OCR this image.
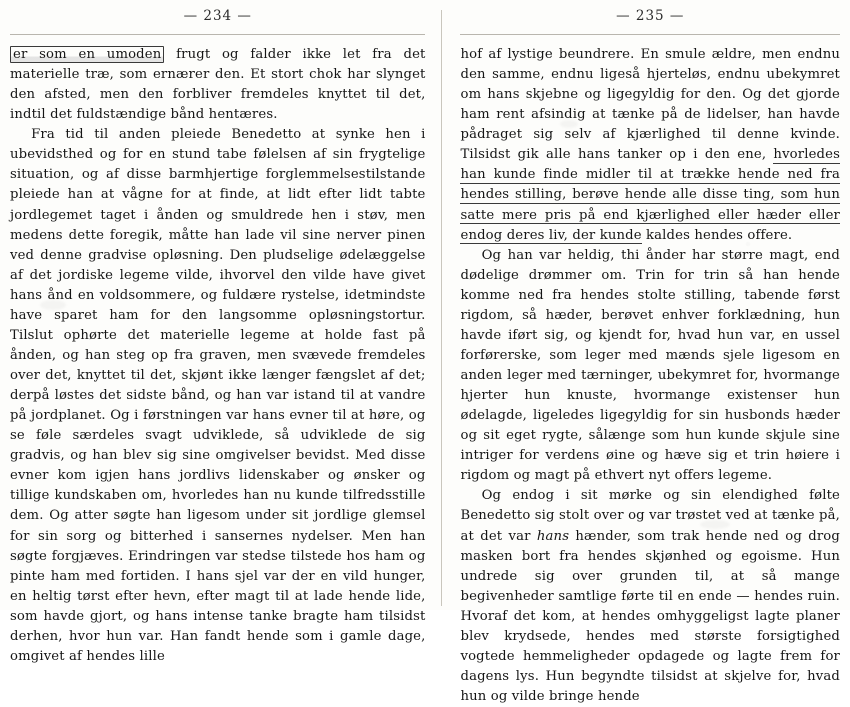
— 234 —

er som en umoden frugt og falder ikke let fra det materielle træ, som ernærer den. Et stort chok har slynget den afsted, men den forbliver fremdeles knyttet til det, indtil det fuldstændige bånd hentæres.

Fra tid til anden pleiede Benedetto at synke hen i ubevidsthed og for en stund tabe følelsen af sin frygtelige situation, og af disse barmhjertige forglemmelsestilstande pleiede han at vågne for at finde, at lidt efter lidt tabte jordlegemet taget i ånden og smuldrede hen i støv, men medens dette foregik, måtte han lade vil sine nerver pinen ved denne gradvise opløsning. Den pludselige ødelæggelse af det jordiske legeme vilde, ihvorvel den vilde have givet hans ånd en voldsommere, og fuldære rystelse, idetmindste have sparet ham for den langsomme opløsningstortur. Tilslut ophørte det materielle legeme at holde fast på ånden, og han steg op fra graven, men svævede fremdeles over det, knyttet til det, skjønt ikke længer fængslet af det; derpå løstes det sidste bånd, og han var istand til at vandre på jordplanet. Og i førstningen var hans evner til at høre, og se føle særdeles svagt udviklede, så udviklede de sig gradvis, og han blev sig sine omgivelser bevidst. Med disse evner kom igjen hans jordlivs lidenskaber og ønsker og tillige kundskaben om, hvorledes han nu kunde tilfredsstille dem. Og atter søgte han ligesom under sit jordlige glemsel for sin sorg og bitterhed i sansernes nydelser. Men han søgte forgjæves. Erindringen var stedse tilstede hos ham og pinte ham med fortiden. I hans sjel var der en vild hunger, en heltig tørst efter hevn, efter magt til at lade hende lide, som havde gjort, og hans intense tanke bragte ham tilsidst derhen, hvor hun var. Han fandt hende som i gamle dage, omgivet af hendes lille

— 235 —

hof af lystige beundrere. En smule ældre, men endnu den samme, endnu ligeså hjerteløs, endnu ubekymret om hans skjebne og ligegyldig for den. Og det gjorde ham rent afsindig at tænke på de lidelser, han havde pådraget sig selv af kjærlighed til denne kvinde. Tilsidst gik alle hans tanker op i den ene, hvorledes han kunde finde midler til at trække hende ned fra hendes stilling, berøve hende alle disse ting, som hun satte mere pris på end kjærlighed eller hæder eller endog deres liv, der kunde kaldes hendes offere.

Og han var heldig, thi ånder har større magt, end dødelige drømmer om. Trin for trin så han hende komme ned fra hendes stolte stilling, tabende først rigdom, så hæder, berøvet enhver forklædning, hun havde iført sig, og kjendt for, hvad hun var, en ussel forførerske, som leger med mænds sjele ligesom en anden leger med tærninger, ubekymret for, hvormange hjerter hun knuste, hvormange existenser hun ødelagde, ligeledes ligegyldig for sin husbonds hæder og sit eget rygte, sålænge som hun kunde skjule sine intriger for verdens øine og hæve sig et trin høiere i rigdom og magt på ethvert nyt offers legeme.

Og endog i sit mørke og sin elendighed følte Benedetto sig stolt over og var trøstet ved at tænke på, at det var hans hænder, som trak hende ned og drog masken bort fra hendes skjønhed og egoisme. Hun undrede sig over grunden til, at så mange begivenheder samtlige førte til en ende — hendes ruin. Hvoraf det kom, at hendes omhyggeligst lagte planer blev krydsede, hendes med største forsigtighed vogtede hemmeligheder opdagede og lagte frem for dagens lys. Hun begyndte tilsidst at skjelve for, hvad hun og vilde bringe hende
